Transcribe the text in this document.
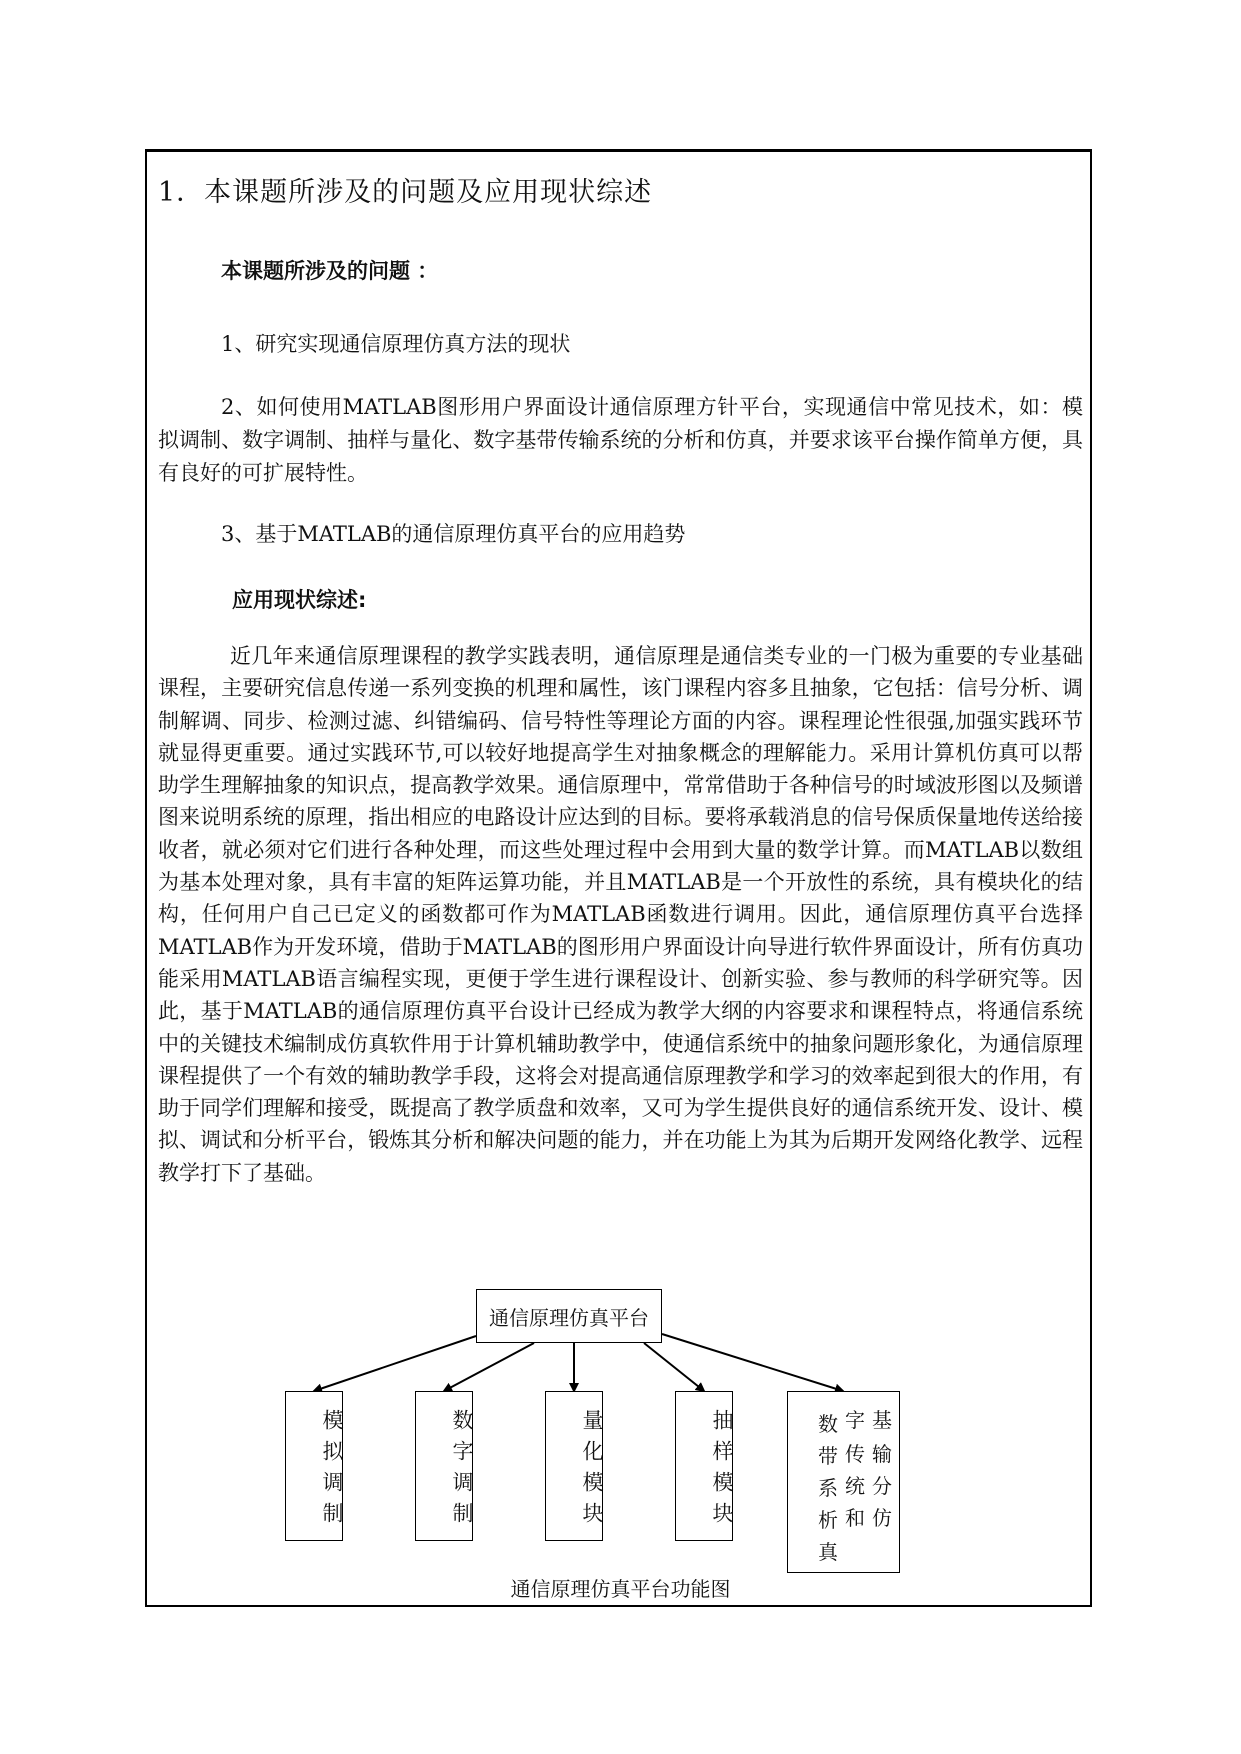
1．本课题所涉及的问题及应用现状综述
本课题所涉及的问题 ：

1、研究实现通信原理仿真方法的现状

2、如何使用MATLAB图形用户界面设计通信原理方针平台，实现通信中常见技术，如：模拟调制、数字调制、抽样与量化、数字基带传输系统的分析和仿真，并要求该平台操作简单方便，具有良好的可扩展特性。

3、基于MATLAB的通信原理仿真平台的应用趋势

应用现状综述:

近几年来通信原理课程的教学实践表明，通信原理是通信类专业的一门极为重要的专业基础课程，主要研究信息传递一系列变换的机理和属性，该门课程内容多且抽象，它包括：信号分析、调制解调、同步、检测过滤、纠错编码、信号特性等理论方面的内容。课程理论性很强,加强实践环节就显得更重要。通过实践环节,可以较好地提高学生对抽象概念的理解能力。采用计算机仿真可以帮助学生理解抽象的知识点，提高教学效果。通信原理中，常常借助于各种信号的时域波形图以及频谱图来说明系统的原理，指出相应的电路设计应达到的目标。要将承载消息的信号保质保量地传送给接收者，就必须对它们进行各种处理，而这些处理过程中会用到大量的数学计算。而MATLAB以数组为基本处理对象，具有丰富的矩阵运算功能，并且MATLAB是一个开放性的系统，具有模块化的结构，任何用户自己已定义的函数都可作为MATLAB函数进行调用。因此，通信原理仿真平台选择MATLAB作为开发环境，借助于MATLAB的图形用户界面设计向导进行软件界面设计，所有仿真功能采用MATLAB语言编程实现，更便于学生进行课程设计、创新实验、参与教师的科学研究等。因此，基于MATLAB的通信原理仿真平台设计已经成为教学大纲的内容要求和课程特点，将通信系统中的关键技术编制成仿真软件用于计算机辅助教学中，使通信系统中的抽象问题形象化，为通信原理课程提供了一个有效的辅助教学手段，这将会对提高通信原理教学和学习的效率起到很大的作用，有助于同学们理解和接受，既提高了教学质盘和效率，又可为学生提供良好的通信系统开发、设计、模拟、调试和分析平台，锻炼其分析和解决问题的能力，并在功能上为其为后期开发网络化教学、远程教学打下了基础。

通信原理仿真平台
模拟调制	数字调制	量化模块	抽样模块	数
带
系
析
真
字
传
统
和
基
输
分
仿
通信原理仿真平台功能图
